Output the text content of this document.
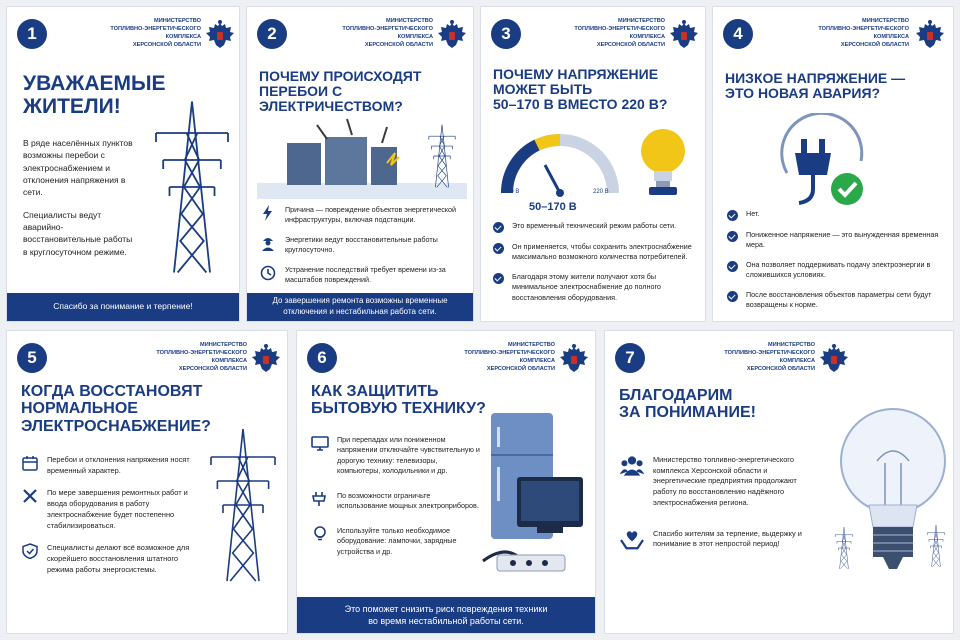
1
МИНИСТЕРСТВО
ТОПЛИВНО-ЭНЕРГЕТИЧЕСКОГО
КОМПЛЕКСА
ХЕРСОНСКОЙ ОБЛАСТИ
УВАЖАЕМЫЕ
ЖИТЕЛИ!

В ряде населённых пунктов возможны перебои с электроснабжением и отклонения напряжения в сети.

Специалисты ведут аварийно-восстановительные работы в круглосуточном режиме.

Спасибо за понимание и терпение!
2
МИНИСТЕРСТВО
ТОПЛИВНО-ЭНЕРГЕТИЧЕСКОГО
КОМПЛЕКСА
ХЕРСОНСКОЙ ОБЛАСТИ
ПОЧЕМУ ПРОИСХОДЯТ
ПЕРЕБОИ С ЭЛЕКТРИЧЕСТВОМ?
Причина — повреждение объектов энергетической инфраструктуры, включая подстанции.
Энергетики ведут восстановительные работы круглосуточно.
Устранение последствий требует времени из-за масштабов повреждений.
До завершения ремонта возможны временные отключения и нестабильная работа сети.
3
МИНИСТЕРСТВО
ТОПЛИВНО-ЭНЕРГЕТИЧЕСКОГО
КОМПЛЕКСА
ХЕРСОНСКОЙ ОБЛАСТИ
ПОЧЕМУ НАПРЯЖЕНИЕ
МОЖЕТ БЫТЬ
50–170 В ВМЕСТО 220 В?
50 В	220 В
50–170 В
Это временный технический режим работы сети.
Он применяется, чтобы сохранить электроснабжение максимально возможного количества потребителей.
Благодаря этому жители получают хотя бы минимальное электроснабжение до полного восстановления оборудования.
4
МИНИСТЕРСТВО
ТОПЛИВНО-ЭНЕРГЕТИЧЕСКОГО
КОМПЛЕКСА
ХЕРСОНСКОЙ ОБЛАСТИ
НИЗКОЕ НАПРЯЖЕНИЕ —
ЭТО НОВАЯ АВАРИЯ?
Нет.
Пониженное напряжение — это вынужденная временная мера.
Она позволяет поддерживать подачу электроэнергии в сложившихся условиях.
После восстановления объектов параметры сети будут возвращены к норме.
5
МИНИСТЕРСТВО
ТОПЛИВНО-ЭНЕРГЕТИЧЕСКОГО
КОМПЛЕКСА
ХЕРСОНСКОЙ ОБЛАСТИ
КОГДА ВОССТАНОВЯТ
НОРМАЛЬНОЕ
ЭЛЕКТРОСНАБЖЕНИЕ?
Перебои и отклонения напряжения носят временный характер.
По мере завершения ремонтных работ и ввода оборудования в работу электроснабжение будет постепенно стабилизироваться.
Специалисты делают всё возможное для скорейшего восстановления штатного режима работы энергосистемы.
6
МИНИСТЕРСТВО
ТОПЛИВНО-ЭНЕРГЕТИЧЕСКОГО
КОМПЛЕКСА
ХЕРСОНСКОЙ ОБЛАСТИ
КАК ЗАЩИТИТЬ
БЫТОВУЮ ТЕХНИКУ?
При перепадах или пониженном напряжении отключайте чувствительную и дорогую технику: телевизоры, компьютеры, холодильники и др.
По возможности ограничьте использование мощных электроприборов.
Используйте только необходимое оборудование: лампочки, зарядные устройства и др.
Это поможет снизить риск повреждения техники
во время нестабильной работы сети.
7
МИНИСТЕРСТВО
ТОПЛИВНО-ЭНЕРГЕТИЧЕСКОГО
КОМПЛЕКСА
ХЕРСОНСКОЙ ОБЛАСТИ
БЛАГОДАРИМ
ЗА ПОНИМАНИЕ!
Министерство топливно-энергетического комплекса Херсонской области и энергетические предприятия продолжают работу по восстановлению надёжного электроснабжения региона.
Спасибо жителям за терпение, выдержку и понимание в этот непростой период!
